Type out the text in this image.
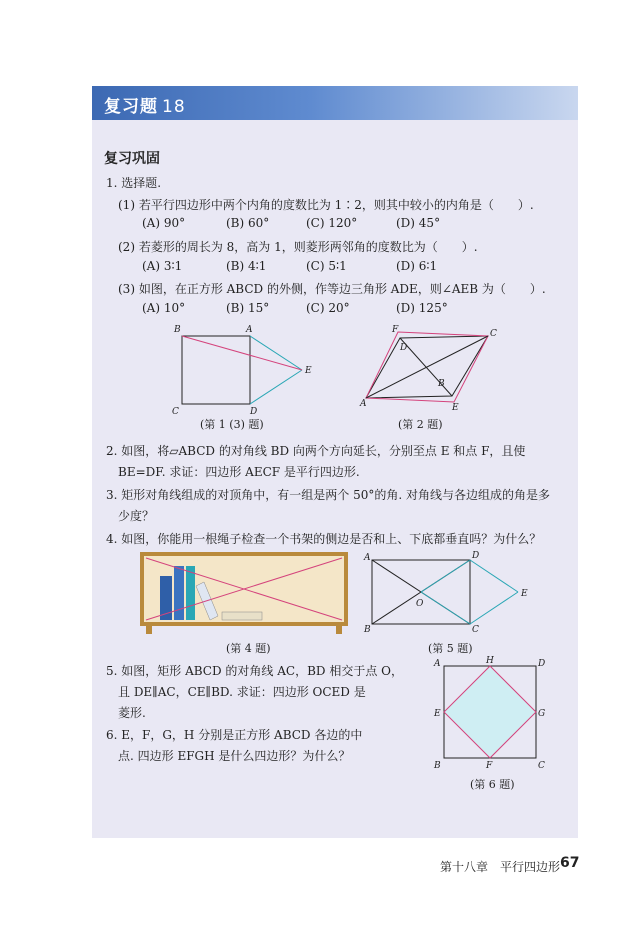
复习题 18
复习巩固
1. 选择题.
(1) 若平行四边形中两个内角的度数比为 1∶2，则其中较小的内角是（　　）.
(A) 90°	(B) 60°	(C) 120°	(D) 45°
(2) 若菱形的周长为 8，高为 1，则菱形两邻角的度数比为（　　）.
(A) 3∶1	(B) 4∶1	(C) 5∶1	(D) 6∶1
(3) 如图，在正方形 ABCD 的外侧，作等边三角形 ADE，则∠AEB 为（　　）.
(A) 10°	(B) 15°	(C) 20°	(D) 125°
B	A
E
C	D
(第 1 (3) 题)
F	C
D
B
A	E
(第 2 题)
2. 如图，将▱ABCD 的对角线 BD 向两个方向延长，分别至点 E 和点 F，且使
BE=DF. 求证：四边形 AECF 是平行四边形.
3. 矩形对角线组成的对顶角中，有一组是两个 50°的角. 对角线与各边组成的角是多
少度？
4. 如图，你能用一根绳子检查一个书架的侧边是否和上、下底都垂直吗？为什么？
(第 4 题)
A	D
E
O
B	C
(第 5 题)
5. 如图，矩形 ABCD 的对角线 AC，BD 相交于点 O，
且 DE∥AC，CE∥BD. 求证：四边形 OCED 是
菱形.
6. E，F，G，H 分别是正方形 ABCD 各边的中
点. 四边形 EFGH 是什么四边形？为什么？
A	H	D
E	G
B	F	C
(第 6 题)
第十八章　平行四边形 67
